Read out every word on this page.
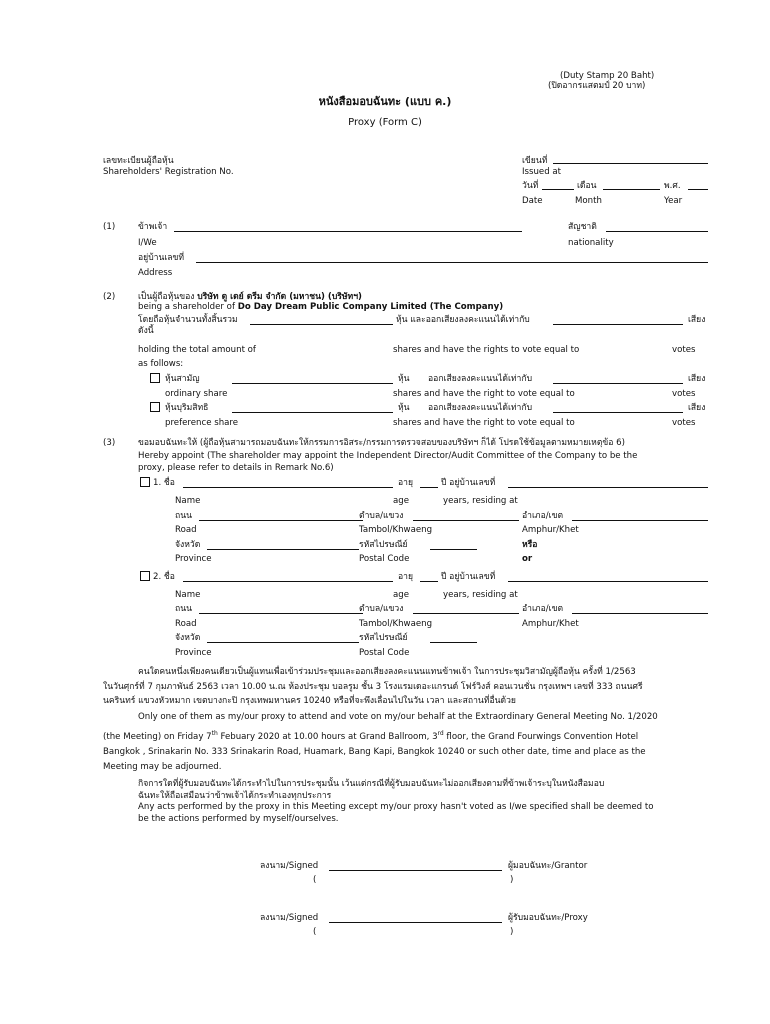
(Duty Stamp 20 Baht)
(ปิดอากรแสตมป์ 20 บาท)
หนังสือมอบฉันทะ (แบบ ค.)
Proxy (Form C)
เลขทะเบียนผู้ถือหุ้น
Shareholders' Registration No.
เขียนที่
Issued at
วันที่	เดือน	พ.ศ.
Date	Month	Year
(1)	ข้าพเจ้า	สัญชาติ
I/We	nationality
อยู่บ้านเลขที่
Address
(2)	เป็นผู้ถือหุ้นของ บริษัท ดู เดย์ ดรีม จำกัด (มหาชน) (บริษัทฯ)
being a shareholder of Do Day Dream Public Company Limited (The Company)
โดยถือหุ้นจำนวนทั้งสิ้นรวม	หุ้น และออกเสียงลงคะแนนได้เท่ากับ	เสียง
ดังนี้
holding the total amount of	shares and have the rights to vote equal to	votes
as follows:
หุ้นสามัญ	หุ้น ออกเสียงลงคะแนนได้เท่ากับ	เสียง
ordinary share	shares and have the right to vote equal to	votes
หุ้นบุริมสิทธิ	หุ้น ออกเสียงลงคะแนนได้เท่ากับ	เสียง
preference share	shares and have the right to vote equal to	votes
(3)	ขอมอบฉันทะให้ (ผู้ถือหุ้นสามารถมอบฉันทะให้กรรมการอิสระ/กรรมการตรวจสอบของบริษัทฯ ก็ได้ โปรดใช้ข้อมูลตามหมายเหตุข้อ 6)
Hereby appoint (The shareholder may appoint the Independent Director/Audit Committee of the Company to be the
proxy, please refer to details in Remark No.6)
1. ชื่อ	อายุ	ปี อยู่บ้านเลขที่
Name	age	years, residing at
ถนน	ตำบล/แขวง	อำเภอ/เขต
Road	Tambol/Khwaeng	Amphur/Khet
จังหวัด	รหัสไปรษณีย์	หรือ
Province	Postal Code	or
2. ชื่อ	อายุ	ปี อยู่บ้านเลขที่
Name	age	years, residing at
ถนน	ตำบล/แขวง	อำเภอ/เขต
Road	Tambol/Khwaeng	Amphur/Khet
จังหวัด	รหัสไปรษณีย์
Province	Postal Code
คนใดคนหนึ่งเพียงคนเดียวเป็นผู้แทนเพื่อเข้าร่วมประชุมและออกเสียงลงคะแนนแทนข้าพเจ้า ในการประชุมวิสามัญผู้ถือหุ้น ครั้งที่ 1/2563
ในวันศุกร์ที่ 7 กุมภาพันธ์ 2563 เวลา 10.00 น.ณ ห้องประชุม บอลรูม ชั้น 3 โรงแรมเดอะแกรนด์ โฟร์วิงส์ คอนเวนชั่น กรุงเทพฯ เลขที่ 333 ถนนศรี
นครินทร์ แขวงหัวหมาก เขตบางกะปิ กรุงเทพมหานคร 10240 หรือที่จะพึงเลื่อนไปในวัน เวลา และสถานที่อื่นด้วย
Only one of them as my/our proxy to attend and vote on my/our behalf at the Extraordinary General Meeting No. 1/2020
(the Meeting) on Friday 7th Febuary 2020 at 10.00 hours at Grand Ballroom, 3rd floor, the Grand Fourwings Convention Hotel
Bangkok , Srinakarin No. 333 Srinakarin Road, Huamark, Bang Kapi, Bangkok 10240 or such other date, time and place as the
Meeting may be adjourned.
กิจการใดที่ผู้รับมอบฉันทะได้กระทำไปในการประชุมนั้น เว้นแต่กรณีที่ผู้รับมอบฉันทะไม่ออกเสียงตามที่ข้าพเจ้าระบุในหนังสือมอบ
ฉันทะให้ถือเสมือนว่าข้าพเจ้าได้กระทำเองทุกประการ
Any acts performed by the proxy in this Meeting except my/our proxy hasn't voted as I/we specified shall be deemed to
be the actions performed by myself/ourselves.
ลงนาม/Signed	ผู้มอบฉันทะ/Grantor
(	)
ลงนาม/Signed	ผู้รับมอบฉันทะ/Proxy
(	)
